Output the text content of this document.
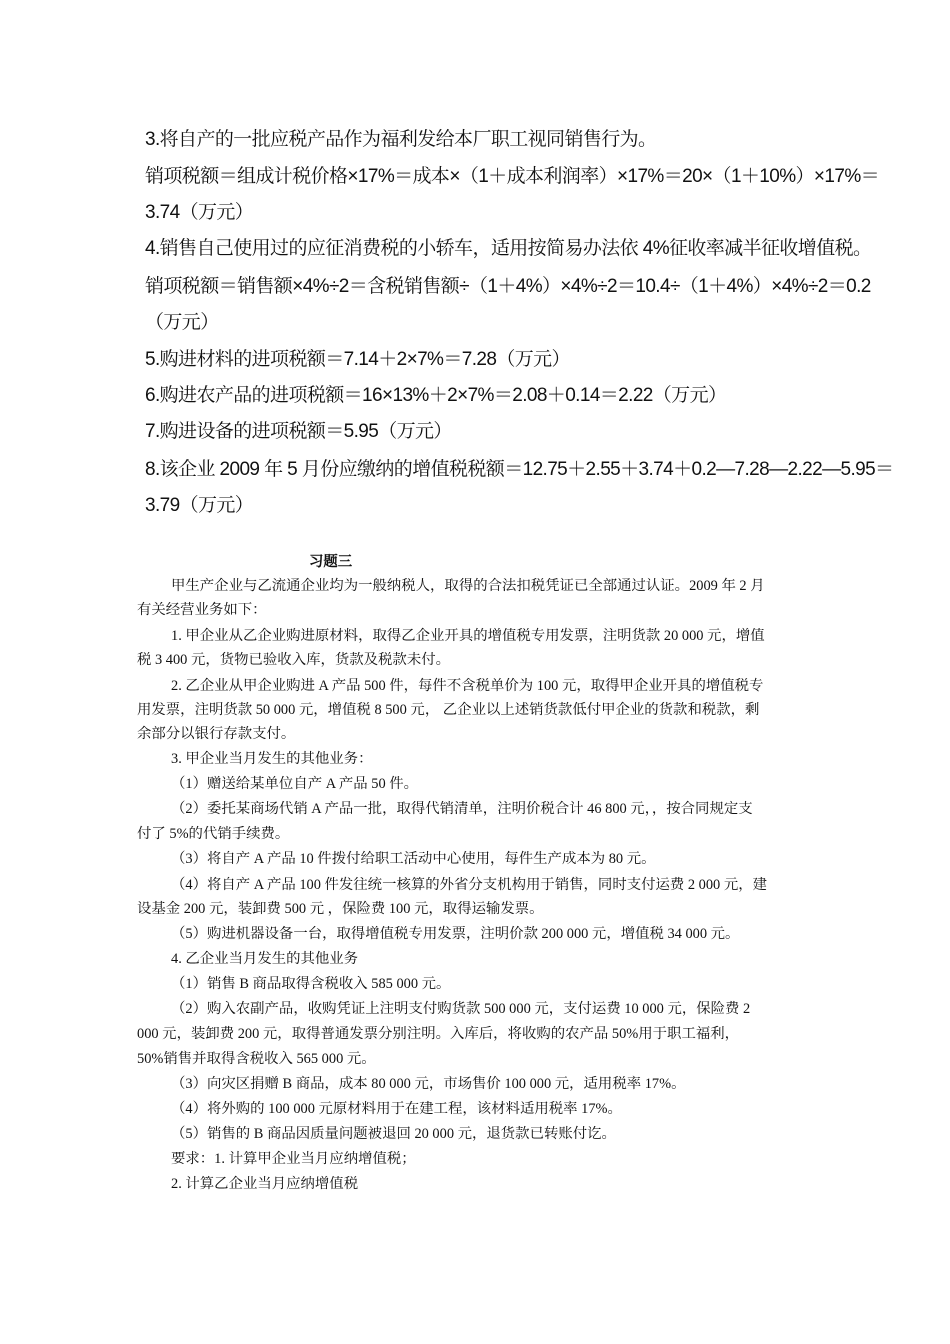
3.将自产的一批应税产品作为福利发给本厂职工视同销售行为。
销项税额＝组成计税价格×17%＝成本×（1＋成本利润率）×17%＝20×（1＋10%）×17%＝
3.74（万元）
4.销售自己使用过的应征消费税的小轿车，适用按简易办法依 4%征收率减半征收增值税。
销项税额＝销售额×4%÷2＝含税销售额÷（1＋4%）×4%÷2＝10.4÷（1＋4%）×4%÷2＝0.2
（万元）
5.购进材料的进项税额＝7.14＋2×7%＝7.28（万元）
6.购进农产品的进项税额＝16×13%＋2×7%＝2.08＋0.14＝2.22（万元）
7.购进设备的进项税额＝5.95（万元）
8.该企业 2009 年 5 月份应缴纳的增值税税额＝12.75＋2.55＋3.74＋0.2—7.28—2.22—5.95＝
3.79（万元）
习题三
甲生产企业与乙流通企业均为一般纳税人，取得的合法扣税凭证已全部通过认证。2009 年 2 月
有关经营业务如下：
1. 甲企业从乙企业购进原材料，取得乙企业开具的增值税专用发票，注明货款 20 000 元，增值
税 3 400 元，货物已验收入库，货款及税款未付。
2. 乙企业从甲企业购进 A 产品 500 件，每件不含税单价为 100 元，取得甲企业开具的增值税专
用发票，注明货款 50 000 元，增值税 8 500 元， 乙企业以上述销货款低付甲企业的货款和税款，剩
余部分以银行存款支付。
3. 甲企业当月发生的其他业务：
（1）赠送给某单位自产 A 产品 50 件。
（2）委托某商场代销 A 产品一批，取得代销清单，注明价税合计 46 800 元，，按合同规定支
付了 5%的代销手续费。
（3）将自产 A 产品 10 件拨付给职工活动中心使用，每件生产成本为 80 元。
（4）将自产 A 产品 100 件发往统一核算的外省分支机构用于销售，同时支付运费 2 000 元，建
设基金 200 元，装卸费 500 元 ，保险费 100 元，取得运输发票。
（5）购进机器设备一台，取得增值税专用发票，注明价款 200 000 元，增值税 34 000 元。
4. 乙企业当月发生的其他业务
（1）销售 B 商品取得含税收入 585 000 元。
（2）购入农副产品，收购凭证上注明支付购货款 500 000 元，支付运费 10 000 元，保险费 2
000 元，装卸费 200 元，取得普通发票分别注明。入库后，将收购的农产品 50%用于职工福利，
50%销售并取得含税收入 565 000 元。
（3）向灾区捐赠 B 商品，成本 80 000 元，市场售价 100 000 元，适用税率 17%。
（4）将外购的 100 000 元原材料用于在建工程，该材料适用税率 17%。
（5）销售的 B 商品因质量问题被退回 20 000 元，退货款已转账付讫。
要求：1. 计算甲企业当月应纳增值税；
2. 计算乙企业当月应纳增值税
